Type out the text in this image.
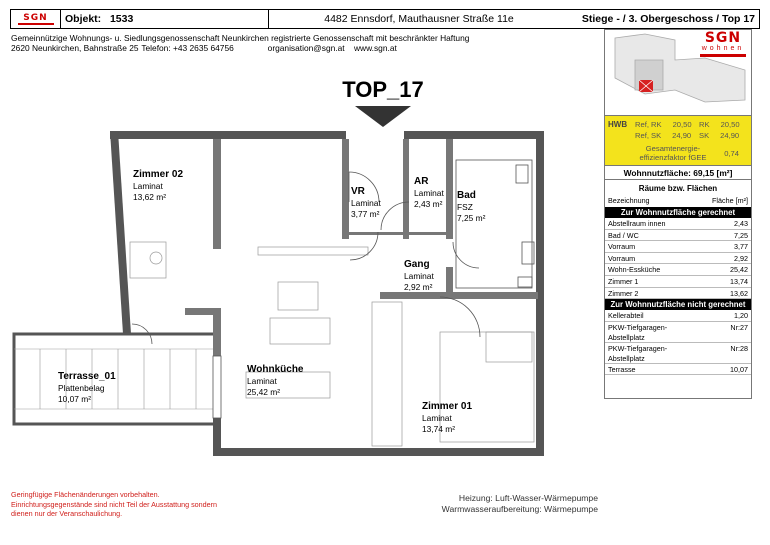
SGN Objekt:
1533	4482 Ennsdorf, Mauthausner Straße 11e	Stiege - / 3. Obergeschoss / Top 17
Gemeinnützige Wohnungs- u. Siedlungsgenossenschaft Neunkirchen registrierte Genossenschaft mit beschränkter Haftung
2620 Neunkirchen, Bahnstraße 25 Telefon: +43 2635 64756	organisation@sgn.at www.sgn.at
TOP_17
Zimmer 02
Laminat
13,62 m²	VR
Laminat
3,77 m²
AR
Laminat
2,43 m²
Bad
FSZ
7,25 m²
Gang
Laminat
2,92 m²
Terrasse_01
Plattenbelag
10,07 m²
Wohnküche
Laminat
25,42 m²
Zimmer 01
Laminat
13,74 m²
SGN
wohnen
HWB Ref, RK	20,50 RK	20,50
Ref, SK	24,90	SK	24,90
Gesamtenergie-effizienzfaktor fGEE	0,74
Wohnnutzfläche: 69,15 [m²]
Räume bzw. Flächen
Bezeichnung	Fläche [m²]
Zur Wohnnutzfläche gerechnet
Abstellraum innen	2,43
Bad / WC	7,25
Vorraum	3,77
Vorraum	2,92
Wohn-Essküche	25,42
Zimmer 1	13,74
Zimmer 2	13,62
Zur Wohnnutzfläche nicht gerechnet
Kellerabteil	1,20
PKW-Tiefgaragen-Abstellplatz
Nr:27
PKW-Tiefgaragen-Abstellplatz
Nr:28
Terrasse	10,07
Geringfügige Flächenänderungen vorbehalten.
Einrichtungsgegenstände sind nicht Teil der Ausstattung sondern
dienen nur der Veranschaulichung.
Heizung: Luft-Wasser-Wärmepumpe
Warmwasseraufbereitung: Wärmepumpe
